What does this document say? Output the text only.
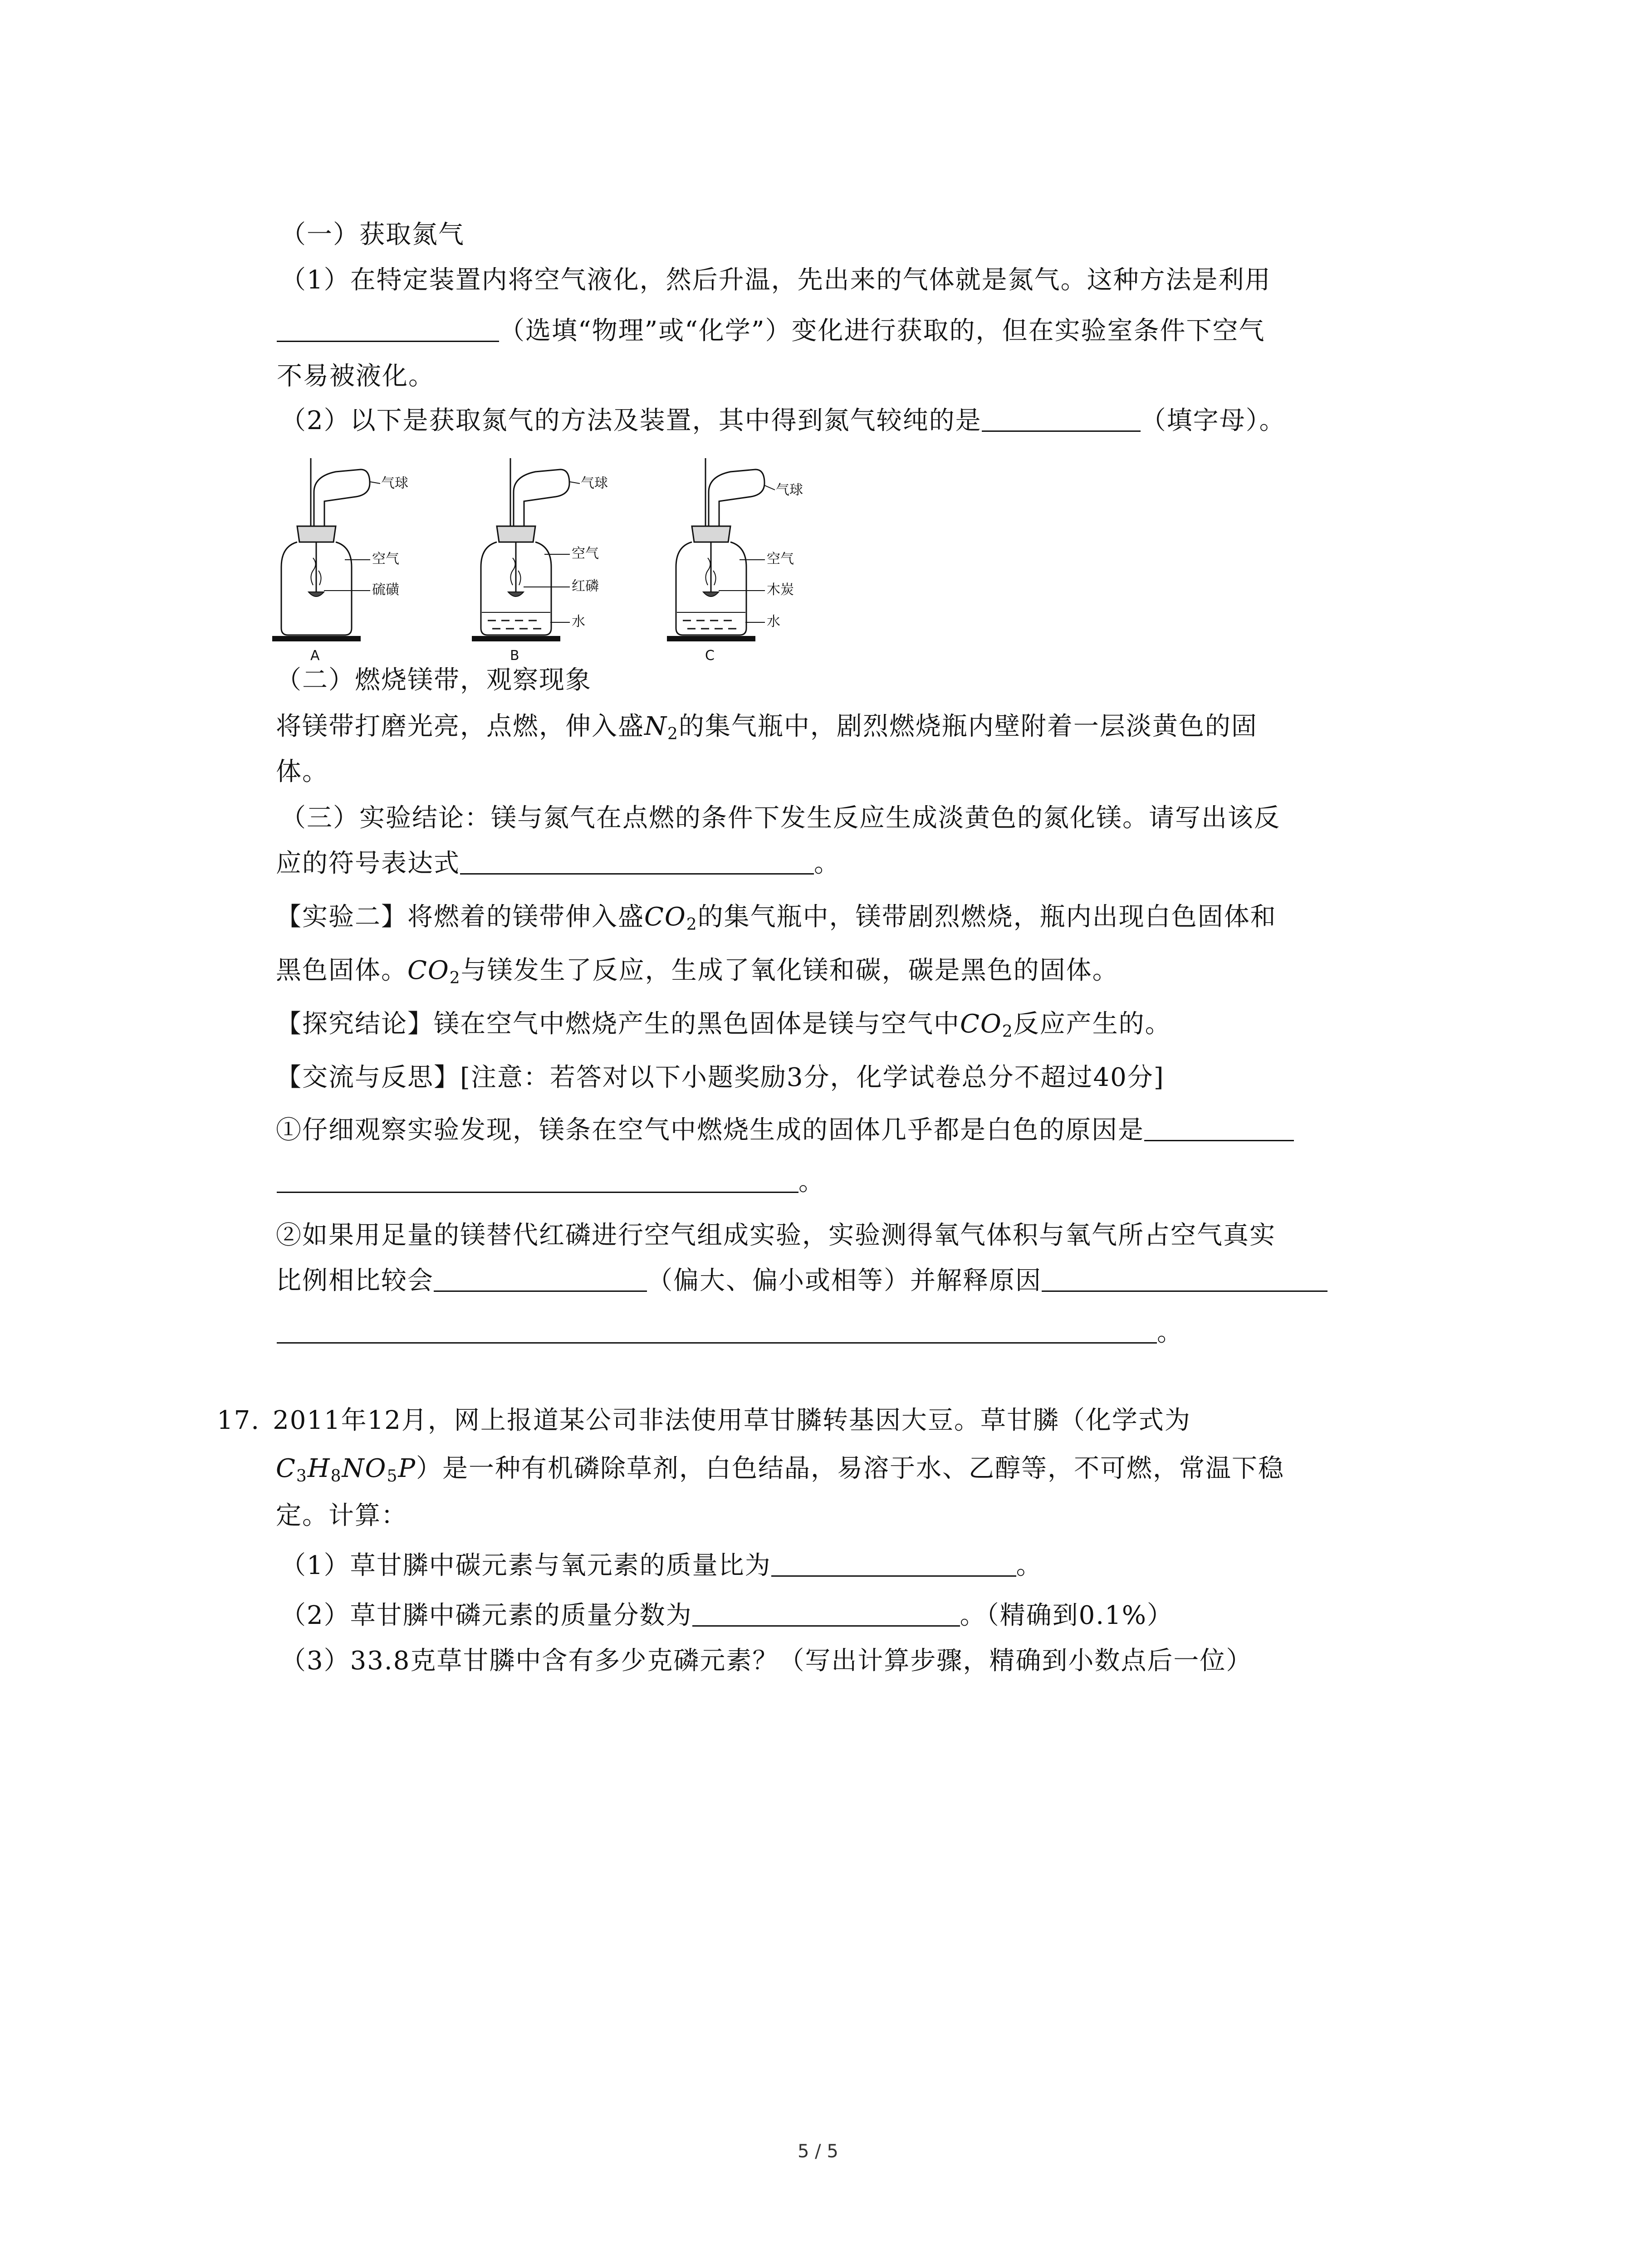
（一）获取氮气
（1）在特定装置内将空气液化，然后升温，先出来的气体就是氮气。这种方法是利用
（选填“物理”或“化学”）变化进行获取的，但在实验室条件下空气
不易被液化。
（2）以下是获取氮气的方法及装置，其中得到氮气较纯的是	（填字母）。
气球
空气
硫磺
A
气球
空气
红磷
水
B
气球
空气
木炭
水
C
（二）燃烧镁带，观察现象
将镁带打磨光亮，点燃，伸入盛$N_2$的集气瓶中，剧烈燃烧瓶内壁附着一层淡黄色的固
体。
（三）实验结论：镁与氮气在点燃的条件下发生反应生成淡黄色的氮化镁。请写出该反
应的符号表达式	。
【实验二】将燃着的镁带伸入盛$CO_2$的集气瓶中，镁带剧烈燃烧，瓶内出现白色固体和
黑色固体。$CO_2$与镁发生了反应，生成了氧化镁和碳，碳是黑色的固体。
【探究结论】镁在空气中燃烧产生的黑色固体是镁与空气中$CO_2$反应产生的。
【交流与反思】[注意：若答对以下小题奖励3分，化学试卷总分不超过40分]
①仔细观察实验发现，镁条在空气中燃烧生成的固体几乎都是白色的原因是
。
②如果用足量的镁替代红磷进行空气组成实验，实验测得氧气体积与氧气所占空气真实
比例相比较会	（偏大、偏小或相等）并解释原因
。
17. 2011年12月，网上报道某公司非法使用草甘膦转基因大豆。草甘膦（化学式为
$C_3H_8NO_5P$）是一种有机磷除草剂，白色结晶，易溶于水、乙醇等，不可燃，常温下稳
定。计算：
（1）草甘膦中碳元素与氧元素的质量比为	。
（2）草甘膦中磷元素的质量分数为	。（精确到0.1%）
（3）33.8克草甘膦中含有多少克磷元素？（写出计算步骤，精确到小数点后一位）
5 / 5
